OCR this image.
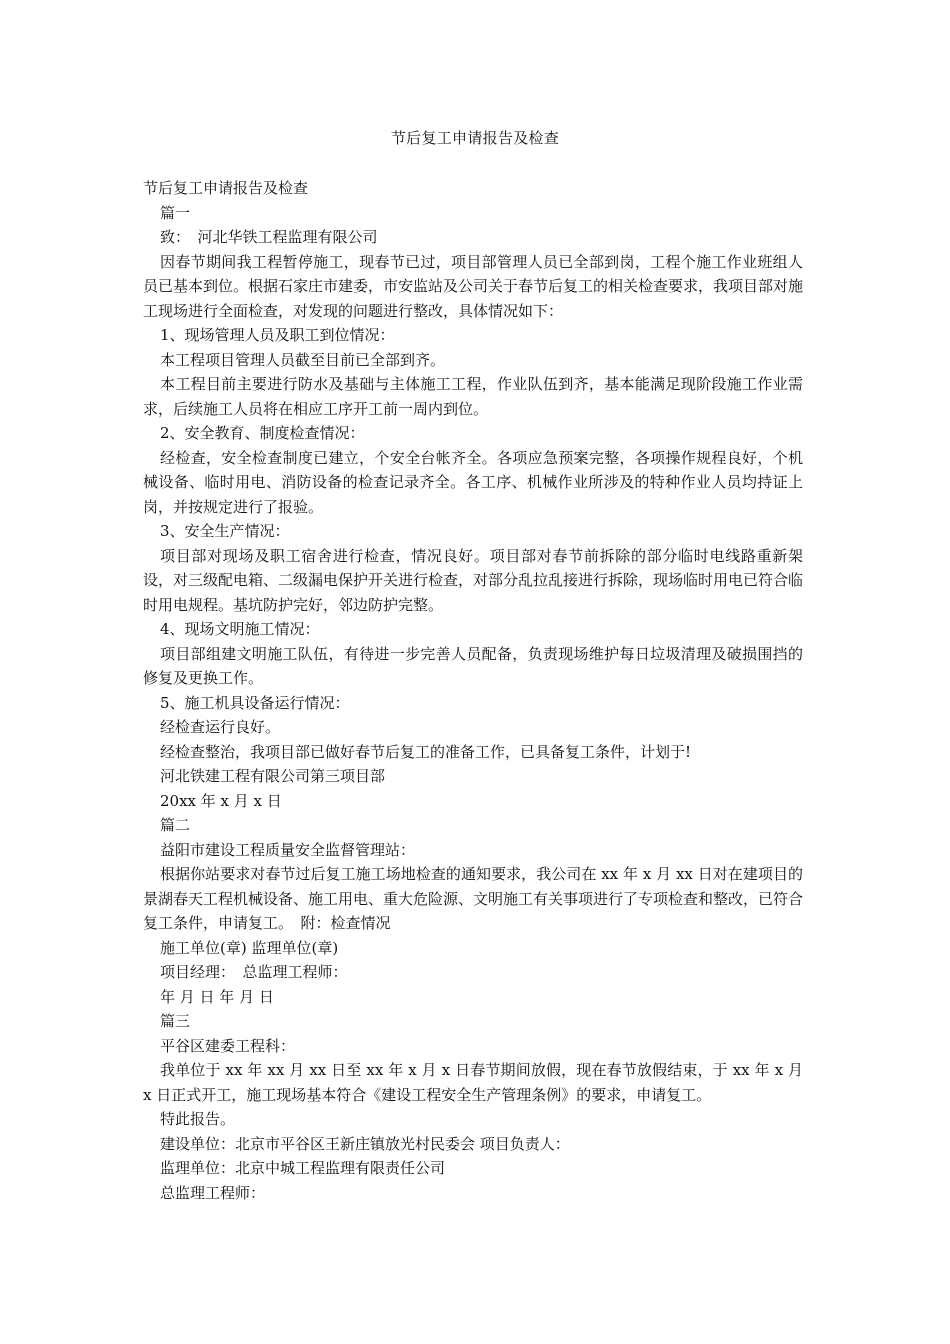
节后复工申请报告及检查

节后复工申请报告及检查

篇一

致：　河北华铁工程监理有限公司

因春节期间我工程暂停施工，现春节已过，项目部管理人员已全部到岗，工程个施工作业班组人员已基本到位。根据石家庄市建委，市安监站及公司关于春节后复工的相关检查要求，我项目部对施工现场进行全面检查，对发现的问题进行整改，具体情况如下：

1、现场管理人员及职工到位情况：

本工程项目管理人员截至目前已全部到齐。

本工程目前主要进行防水及基础与主体施工工程，作业队伍到齐，基本能满足现阶段施工作业需求，后续施工人员将在相应工序开工前一周内到位。

2、安全教育、制度检查情况：

经检查，安全检查制度已建立，个安全台帐齐全。各项应急预案完整，各项操作规程良好，个机械设备、临时用电、消防设备的检查记录齐全。各工序、机械作业所涉及的特种作业人员均持证上岗，并按规定进行了报验。

3、安全生产情况：

项目部对现场及职工宿舍进行检查，情况良好。项目部对春节前拆除的部分临时电线路重新架设，对三级配电箱、二级漏电保护开关进行检查，对部分乱拉乱接进行拆除，现场临时用电已符合临时用电规程。基坑防护完好，邻边防护完整。

4、现场文明施工情况：

项目部组建文明施工队伍，有待进一步完善人员配备，负责现场维护每日垃圾清理及破损围挡的修复及更换工作。

5、施工机具设备运行情况：

经检查运行良好。

经检查整治，我项目部已做好春节后复工的准备工作，已具备复工条件，计划于!

河北铁建工程有限公司第三项目部

20xx 年 x 月 x 日

篇二

益阳市建设工程质量安全监督管理站：

根据你站要求对春节过后复工施工场地检查的通知要求，我公司在 xx 年 x 月 xx 日对在建项目的景湖春天工程机械设备、施工用电、重大危险源、文明施工有关事项进行了专项检查和整改，已符合复工条件，申请复工。　附：检查情况

施工单位(章) 监理单位(章)

项目经理：　总监理工程师：

年 月 日 年 月 日

篇三

平谷区建委工程科：

我单位于 xx 年 xx 月 xx 日至 xx 年 x 月 x 日春节期间放假，现在春节放假结束，于 xx 年 x 月 x 日正式开工，施工现场基本符合《建设工程安全生产管理条例》的要求，申请复工。

特此报告。

建设单位：北京市平谷区王新庄镇放光村民委会 项目负责人：

监理单位：北京中城工程监理有限责任公司

总监理工程师：
